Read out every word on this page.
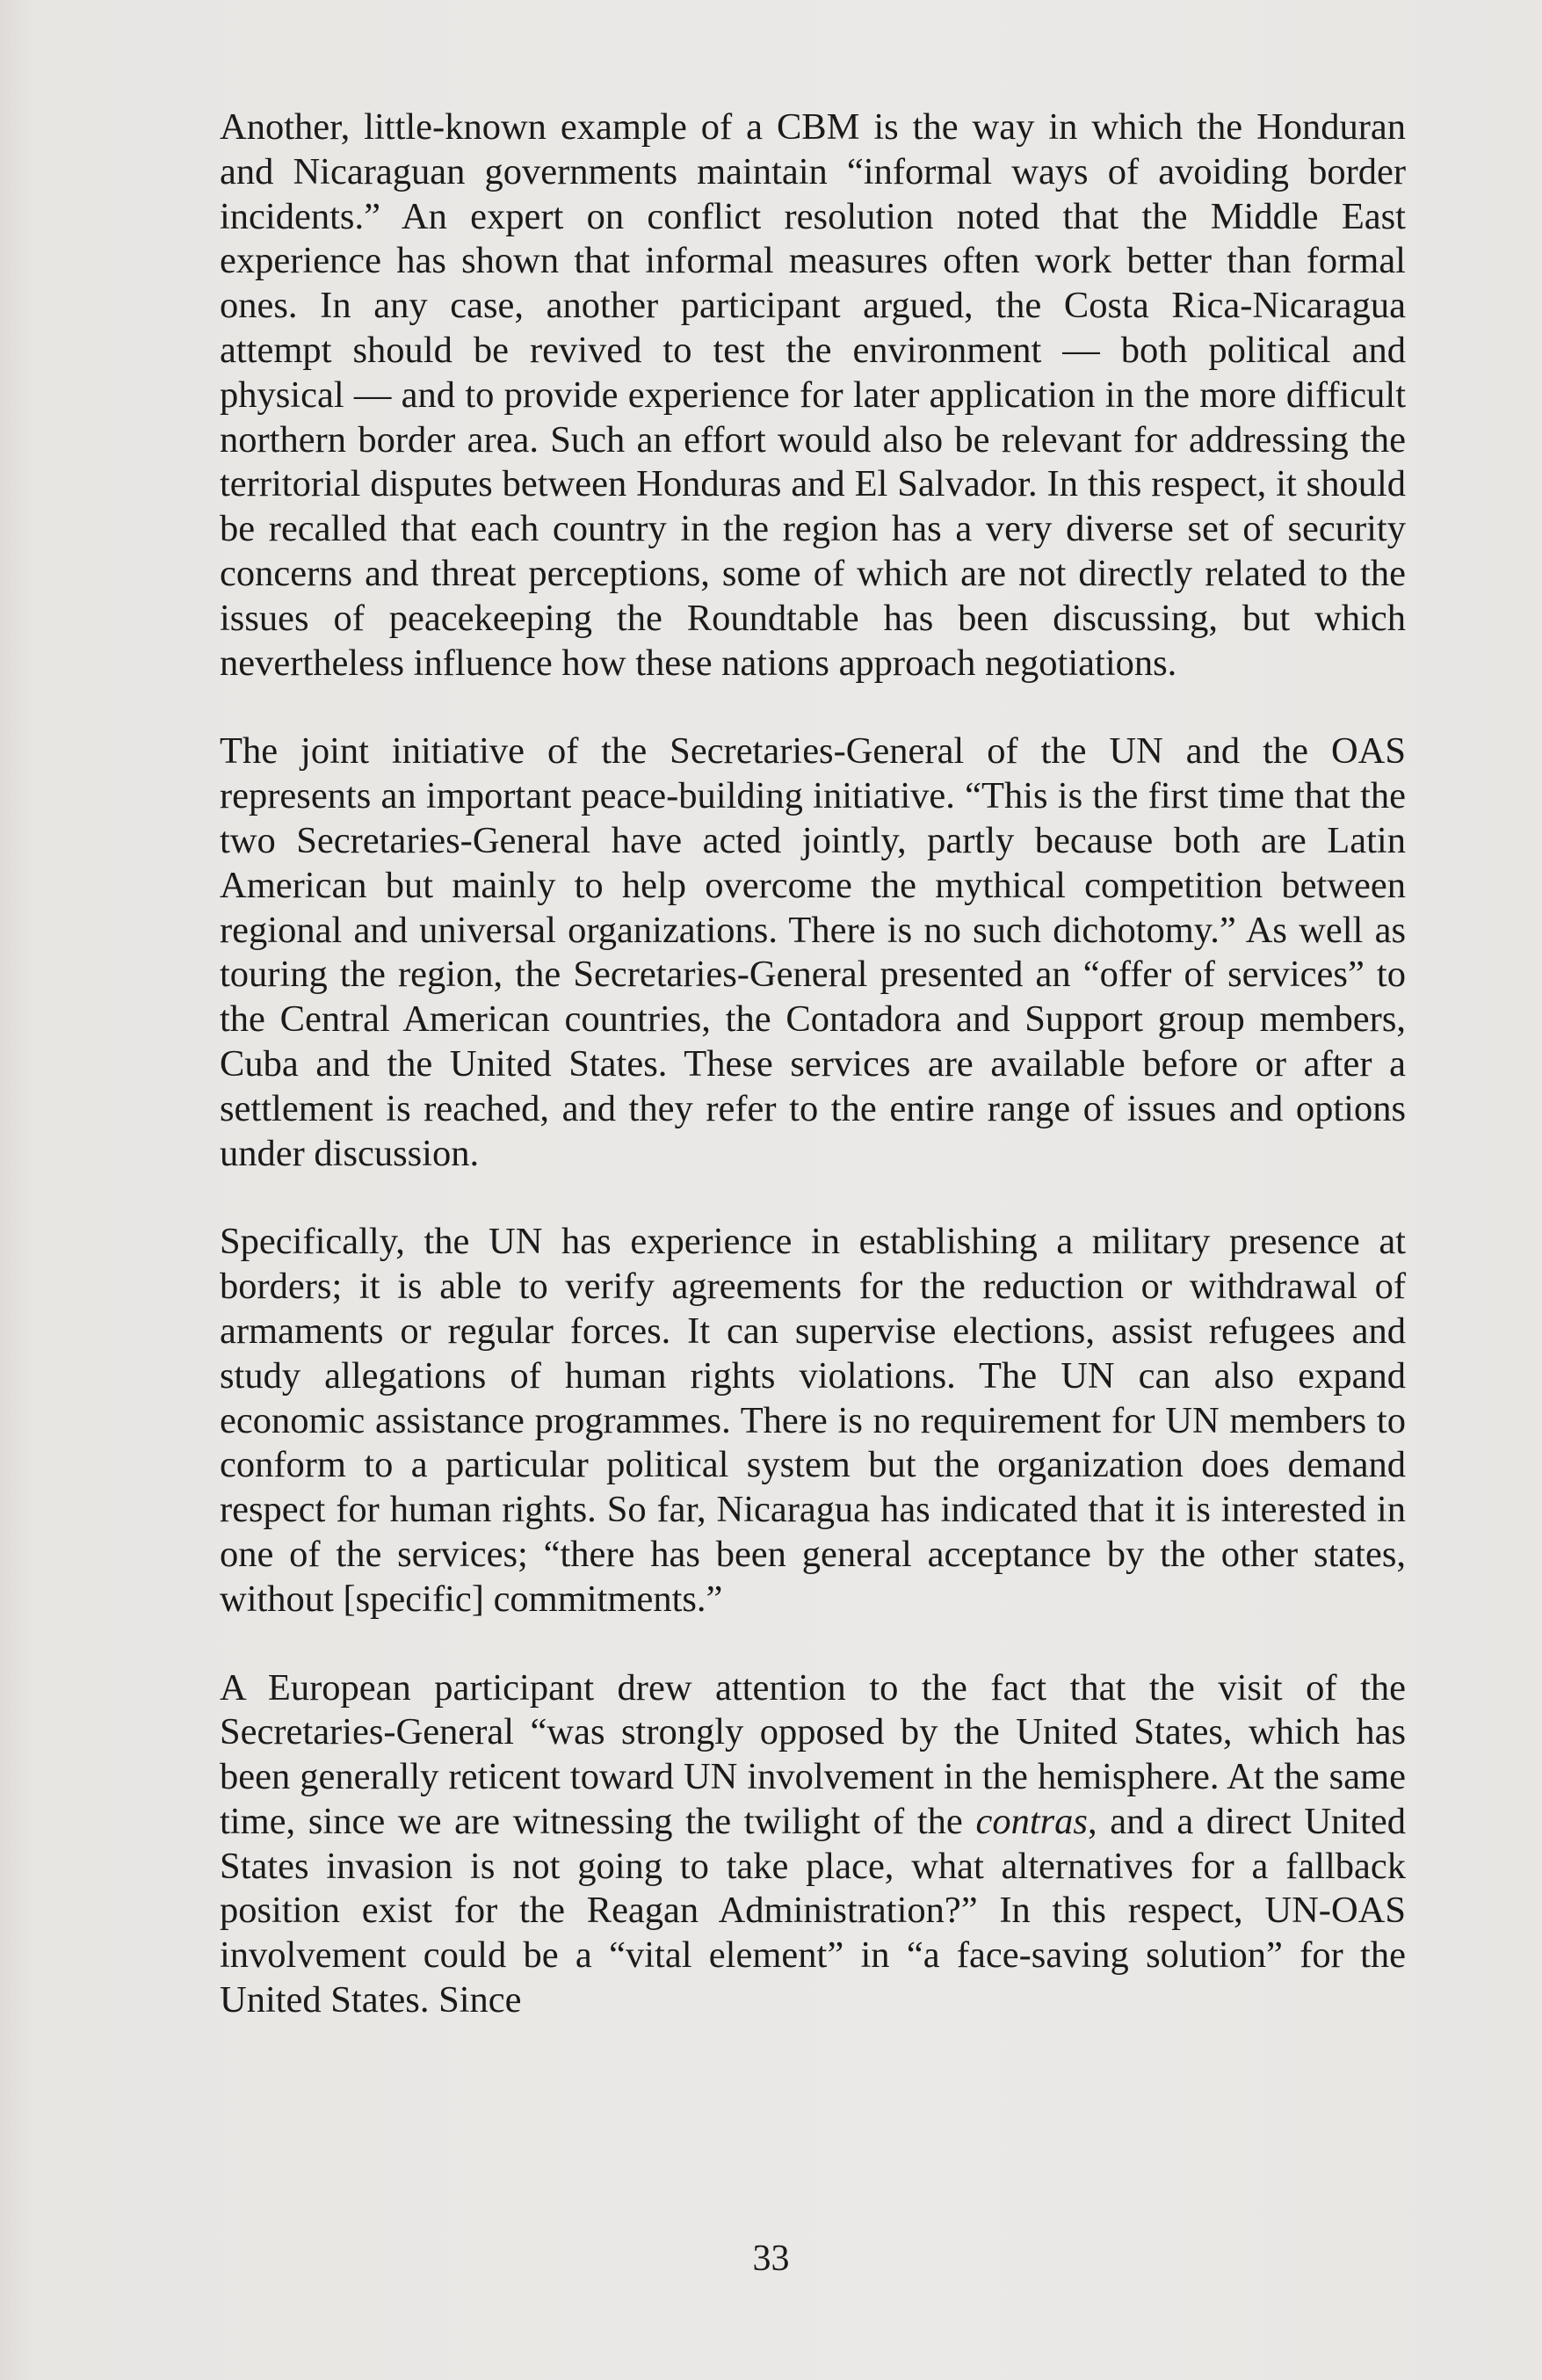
Another, little-known example of a CBM is the way in which the Honduran and Nicaraguan governments maintain “informal ways of avoiding border incidents.” An expert on conflict resolution noted that the Middle East experience has shown that informal measures often work better than formal ones. In any case, another participant argued, the Costa Rica-Nicaragua attempt should be revived to test the environment — both political and physical — and to provide experience for later application in the more difficult northern border area. Such an effort would also be relevant for addressing the territorial disputes between Honduras and El Salvador. In this respect, it should be recalled that each country in the region has a very diverse set of security concerns and threat perceptions, some of which are not directly related to the issues of peacekeeping the Roundtable has been discussing, but which nevertheless influence how these nations approach negotiations.

The joint initiative of the Secretaries-General of the UN and the OAS represents an important peace-building initiative. “This is the first time that the two Secretaries-General have acted jointly, partly because both are Latin American but mainly to help overcome the mythical competition between regional and universal organizations. There is no such dichotomy.” As well as touring the region, the Secretaries-General presented an “offer of services” to the Central American countries, the Contadora and Support group members, Cuba and the United States. These services are available before or after a settlement is reached, and they refer to the entire range of issues and options under discussion.

Specifically, the UN has experience in establishing a military presence at borders; it is able to verify agreements for the reduction or withdrawal of armaments or regular forces. It can supervise elections, assist refugees and study allegations of human rights violations. The UN can also expand economic assistance programmes. There is no requirement for UN members to conform to a particular political system but the organization does demand respect for human rights. So far, Nicaragua has indicated that it is interested in one of the services; “there has been general acceptance by the other states, without [specific] commitments.”

A European participant drew attention to the fact that the visit of the Secretaries-General “was strongly opposed by the United States, which has been generally reticent toward UN involvement in the hemisphere. At the same time, since we are witnessing the twilight of the contras, and a direct United States invasion is not going to take place, what alternatives for a fallback position exist for the Reagan Administration?” In this respect, UN-OAS involvement could be a “vital element” in “a face-saving solution” for the United States. Since

33
